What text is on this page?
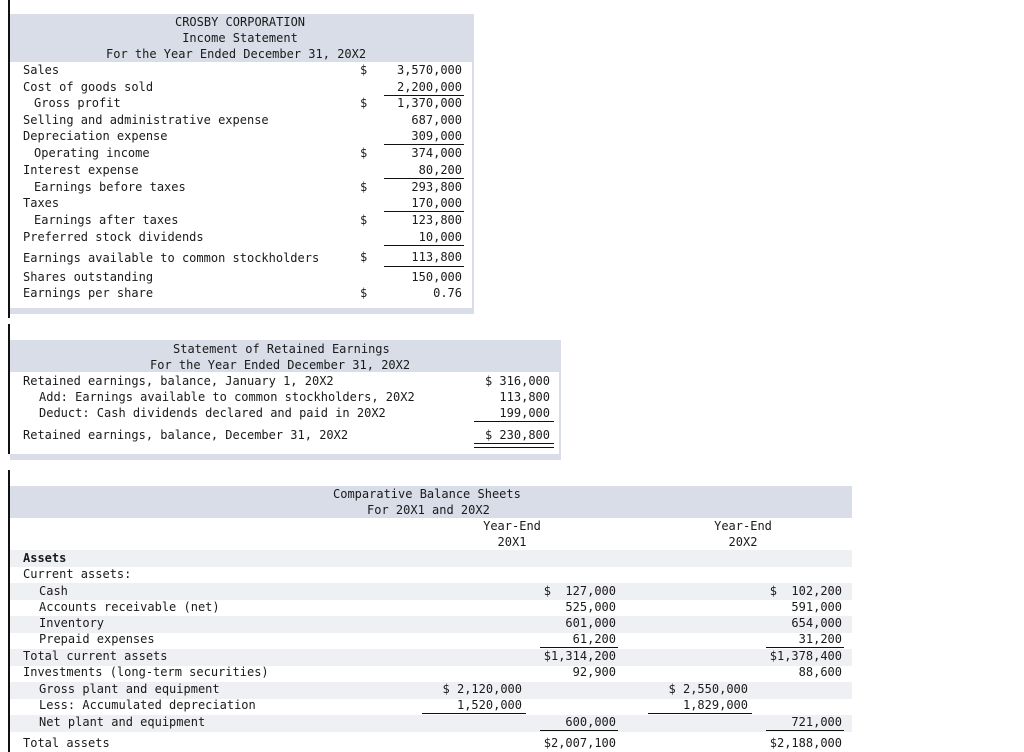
CROSBY CORPORATION
Income Statement
For the Year Ended December 31, 20X2
Sales	$	3,570,000
Cost of goods sold	2,200,000
Gross profit	$	1,370,000
Selling and administrative expense	687,000
Depreciation expense	309,000
Operating income	$	374,000
Interest expense	80,200
Earnings before taxes	$	293,800
Taxes	170,000
Earnings after taxes	$	123,800
Preferred stock dividends	10,000
Earnings available to common stockholders	$	113,800
Shares outstanding	150,000
Earnings per share	$	0.76
Statement of Retained Earnings
For the Year Ended December 31, 20X2
Retained earnings, balance, January 1, 20X2	$ 316,000
Add: Earnings available to common stockholders, 20X2	113,800
Deduct: Cash dividends declared and paid in 20X2	199,000
Retained earnings, balance, December 31, 20X2	$ 230,800
Comparative Balance Sheets
For 20X1 and 20X2
Year-End
20X1
Year-End
20X2
Assets
Current assets:
Cash	$  127,000	$  102,200
Accounts receivable (net)	525,000	591,000
Inventory	601,000	654,000
Prepaid expenses	61,200	31,200
Total current assets	$1,314,200	$1,378,400
Investments (long-term securities)	92,900	88,600
Gross plant and equipment	$ 2,120,000	$ 2,550,000
Less: Accumulated depreciation	1,520,000	1,829,000
Net plant and equipment	600,000	721,000
Total assets	$2,007,100	$2,188,000
